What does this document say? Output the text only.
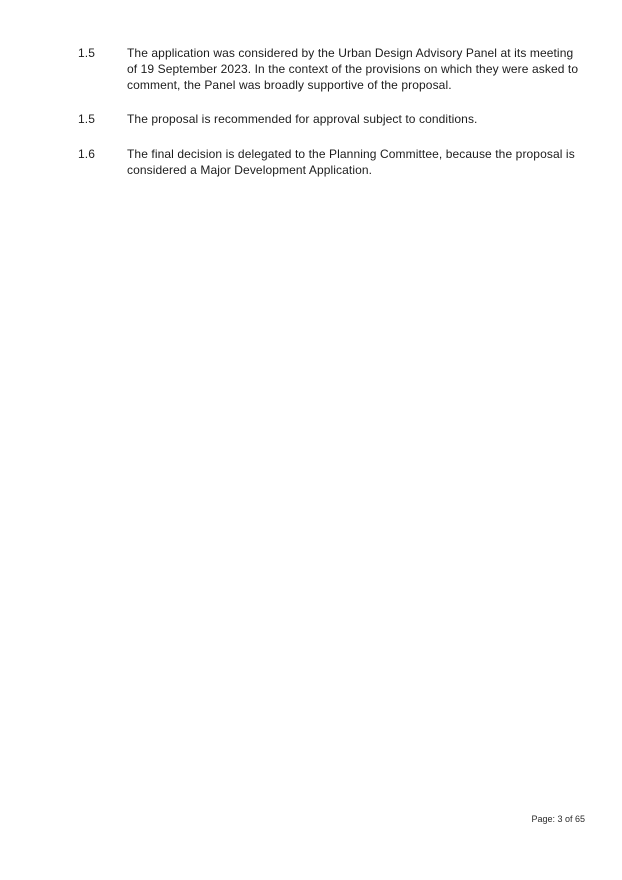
1.5	The application was considered by the Urban Design Advisory Panel at its meeting of 19 September 2023. In the context of the provisions on which they were asked to comment, the Panel was broadly supportive of the proposal.
1.5	The proposal is recommended for approval subject to conditions.
1.6	The final decision is delegated to the Planning Committee, because the proposal is considered a Major Development Application.
Page: 3 of 65
